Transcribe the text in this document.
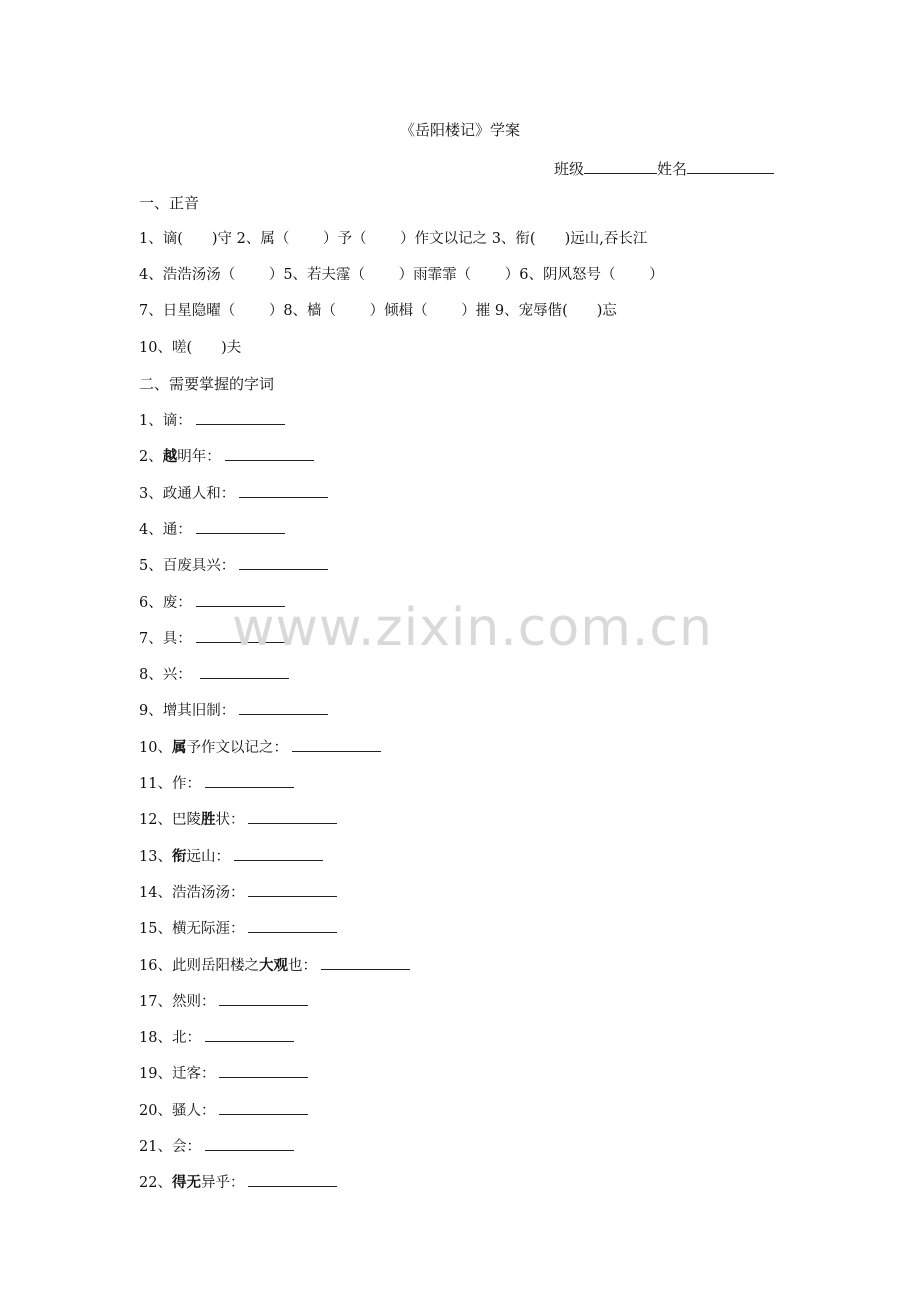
《岳阳楼记》学案
班级	姓名
一、正音
1、谪(　　)守 2、属（　　 ）予（　　 ）作文以记之 3、衔(　　)远山,吞长江
4、浩浩汤汤（　　 ）5、若夫霪（　　 ）雨霏霏（　　 ）6、阴风怒号（　　 ）
7、日星隐曜（　　 ）8、樯（　　 ）倾楫（　　 ）摧 9、宠辱偕(　　)忘
10、嗟(　　)夫
二、需要掌握的字词
1、谪：
2、越明年：
3、政通人和：
4、通：
5、百废具兴：
6、废：
7、具：
8、兴：
9、增其旧制：
10、属予作文以记之：
11、作：
12、巴陵胜状：
13、衔远山：
14、浩浩汤汤：
15、横无际涯：
16、此则岳阳楼之大观也：
17、然则：
18、北：
19、迁客：
20、骚人：
21、会：
22、得无异乎：
www.zixin.com.cn
